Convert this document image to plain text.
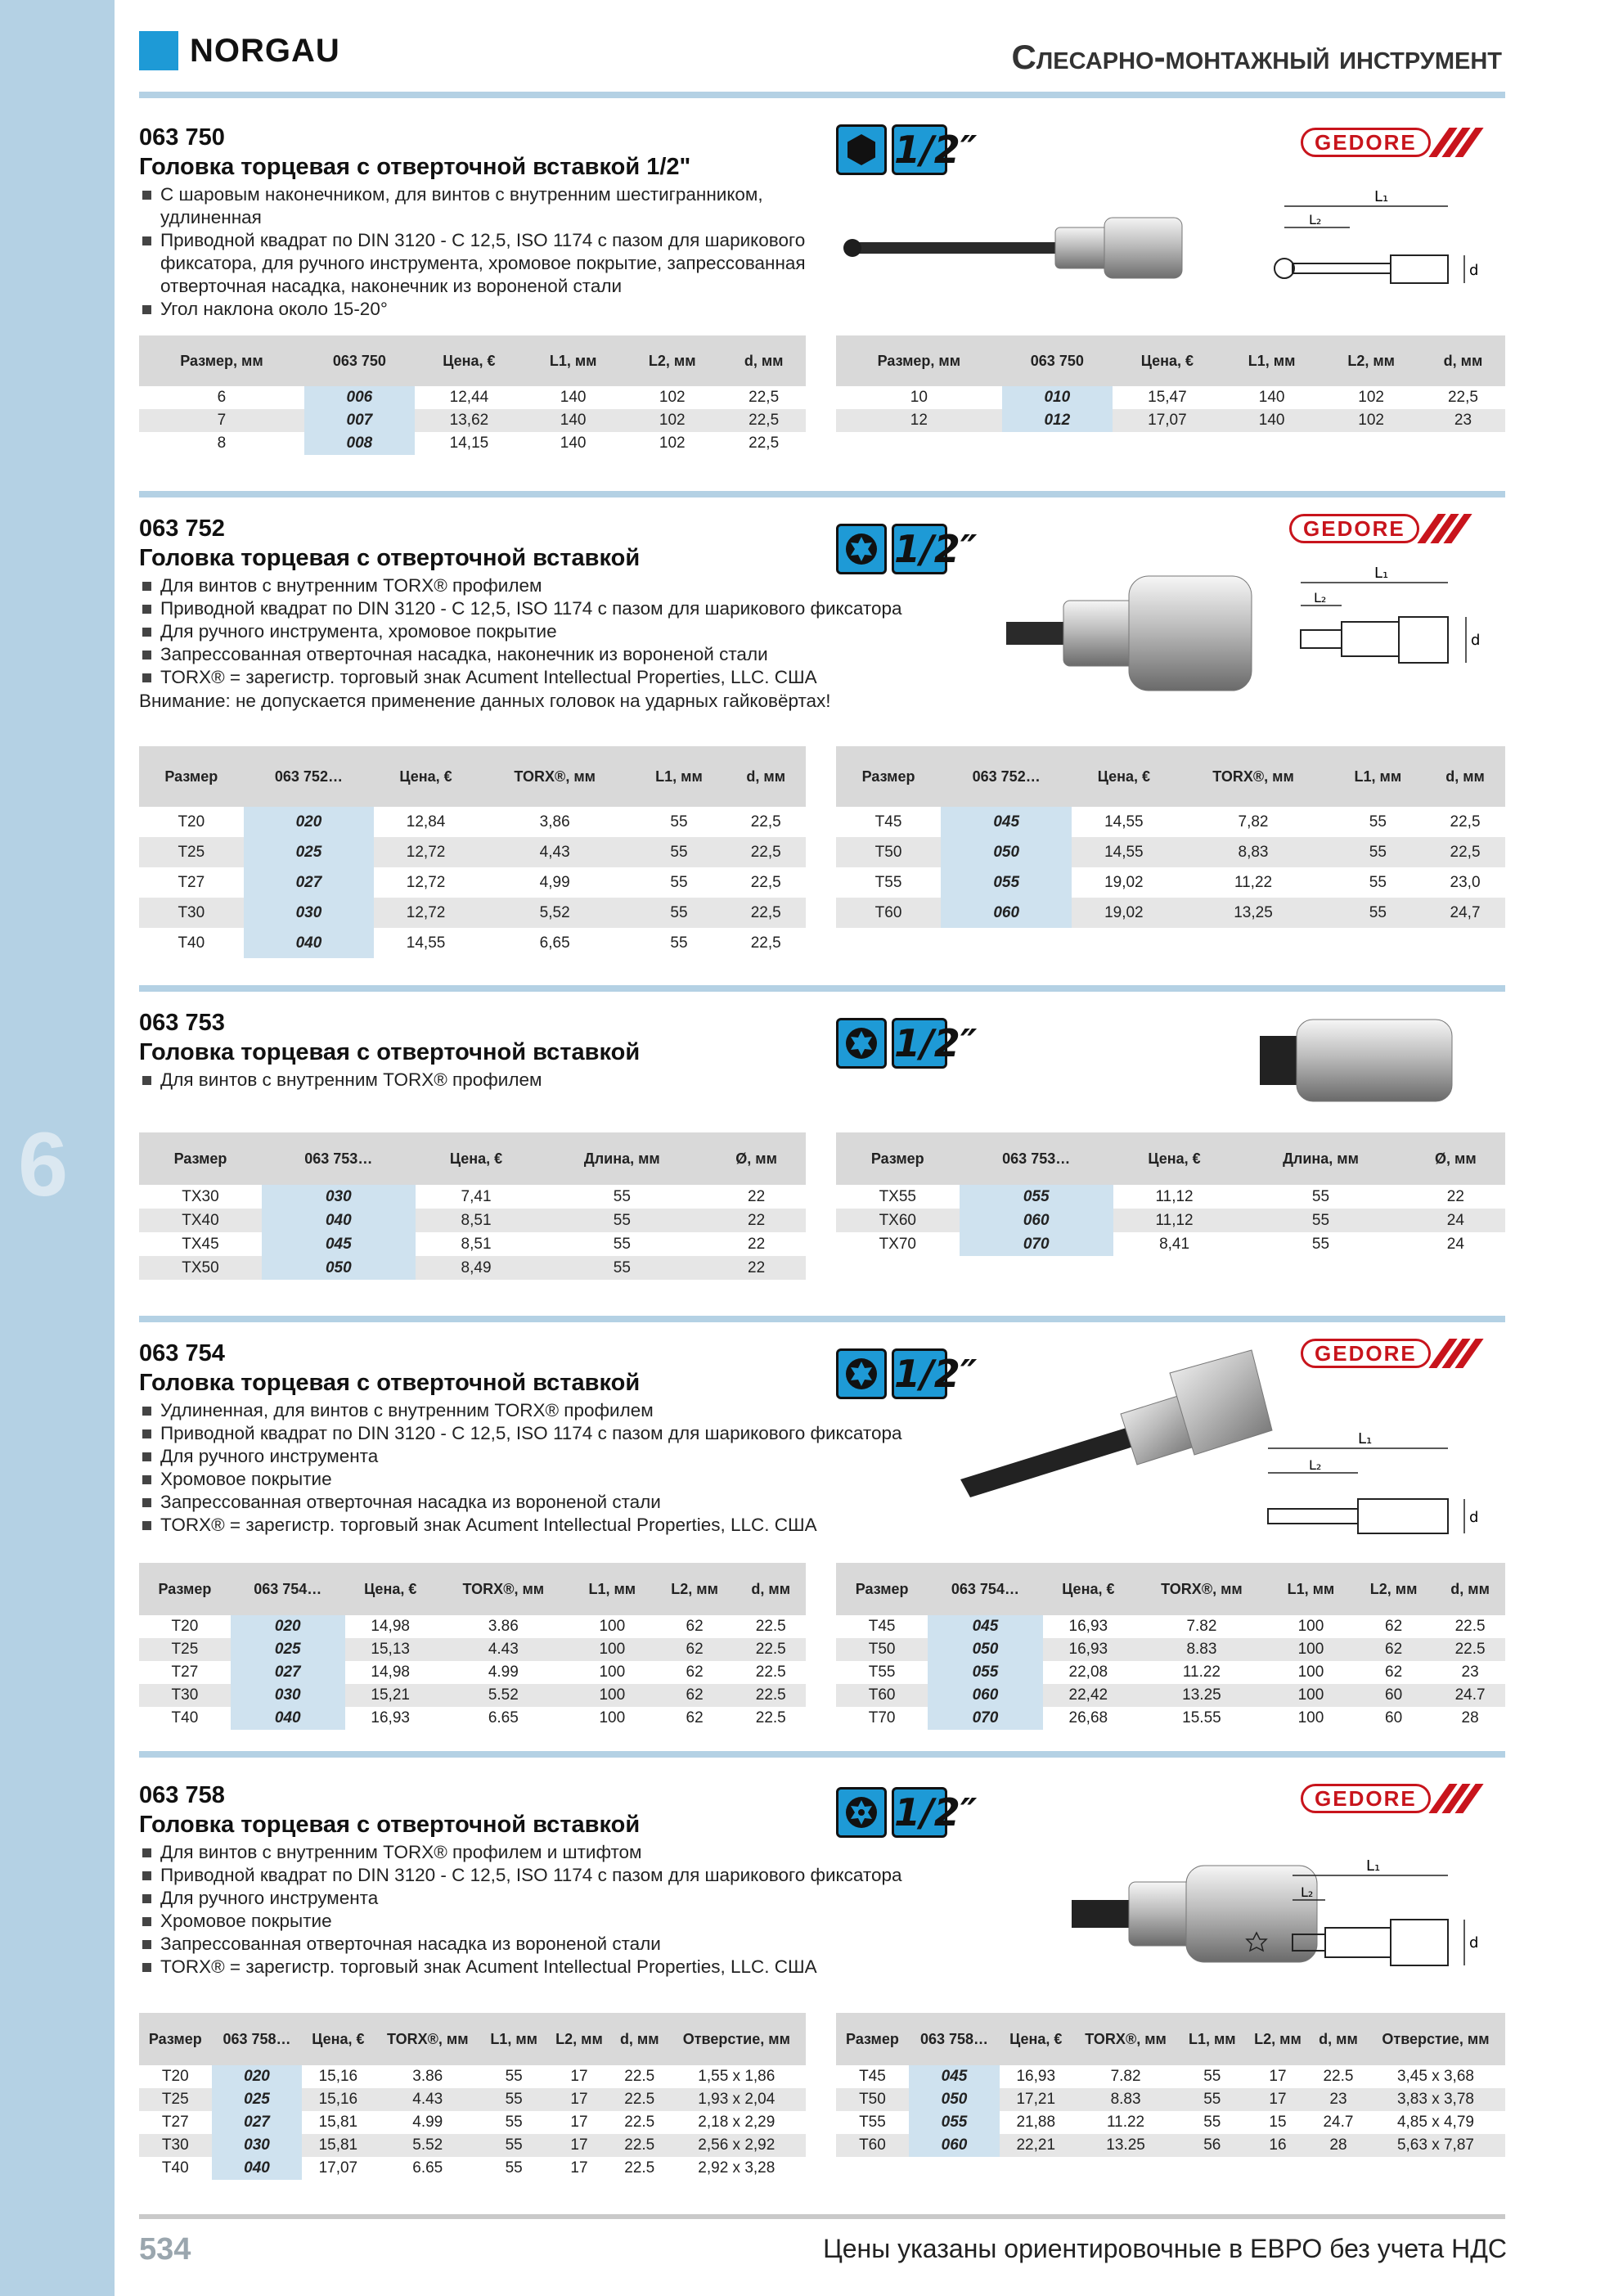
6
NORGAU	Слесарно-монтажный инструмент
063 750
Головка торцевая с отверточной вставкой 1/2"
С шаровым наконечником, для винтов с внутренним шестигранником, удлиненная
Приводной квадрат по DIN 3120 - C 12,5, ISO 1174 с пазом для шарикового фиксатора, для ручного инструмента, хромовое покрытие, запрессованная отверточная насадка, наконечник из вороненой стали
Угол наклона около 15-20°
1/2″	GEDORE
L₁
L₂
d
Размер, мм	063 750	Цена, €	L1, мм	L2, мм	d, мм
6	006	12,44	140	102	22,5
7	007	13,62	140	102	22,5
8	008	14,15	140	102	22,5
Размер, мм	063 750	Цена, €	L1, мм	L2, мм	d, мм
10	010	15,47	140	102	22,5
12	012	17,07	140	102	23
063 752
Головка торцевая с отверточной вставкой
Для винтов с внутренним TORX® профилем
Приводной квадрат по DIN 3120 - C 12,5, ISO 1174 с пазом для шарикового фиксатора
Для ручного инструмента, хромовое покрытие
Запрессованная отверточная насадка, наконечник из вороненой стали
TORX® = зарегистр. торговый знак Acument Intellectual Properties, LLC. США
Внимание: не допускается применение данных головок на ударных гайковёртах!
1/2″	GEDORE
L₁
L₂
d
Размер	063 752…	Цена, €	TORX®, мм	L1, мм	d, мм
T20	020	12,84	3,86	55	22,5
T25	025	12,72	4,43	55	22,5
T27	027	12,72	4,99	55	22,5
T30	030	12,72	5,52	55	22,5
T40	040	14,55	6,65	55	22,5
Размер	063 752…	Цена, €	TORX®, мм	L1, мм	d, мм
T45	045	14,55	7,82	55	22,5
T50	050	14,55	8,83	55	22,5
T55	055	19,02	11,22	55	23,0
T60	060	19,02	13,25	55	24,7
063 753
Головка торцевая с отверточной вставкой
Для винтов с внутренним TORX® профилем
1/2″
Размер	063 753…	Цена, €	Длина, мм	Ø, мм
TX30	030	7,41	55	22
TX40	040	8,51	55	22
TX45	045	8,51	55	22
TX50	050	8,49	55	22
Размер	063 753…	Цена, €	Длина, мм	Ø, мм
TX55	055	11,12	55	22
TX60	060	11,12	55	24
TX70	070	8,41	55	24
063 754
Головка торцевая с отверточной вставкой
Удлиненная, для винтов с внутренним TORX® профилем
Приводной квадрат по DIN 3120 - C 12,5, ISO 1174 с пазом для шарикового фиксатора
Для ручного инструмента
Хромовое покрытие
Запрессованная отверточная насадка из вороненой стали
TORX® = зарегистр. торговый знак Acument Intellectual Properties, LLC. США
1/2″	GEDORE
L₁
L₂
d
Размер	063 754…	Цена, €	TORX®, мм	L1, мм	L2, мм	d, мм
T20	020	14,98	3.86	100	62	22.5
T25	025	15,13	4.43	100	62	22.5
T27	027	14,98	4.99	100	62	22.5
T30	030	15,21	5.52	100	62	22.5
T40	040	16,93	6.65	100	62	22.5
Размер	063 754…	Цена, €	TORX®, мм	L1, мм	L2, мм	d, мм
T45	045	16,93	7.82	100	62	22.5
T50	050	16,93	8.83	100	62	22.5
T55	055	22,08	11.22	100	62	23
T60	060	22,42	13.25	100	60	24.7
T70	070	26,68	15.55	100	60	28
063 758
Головка торцевая с отверточной вставкой
Для винтов с внутренним TORX® профилем и штифтом
Приводной квадрат по DIN 3120 - C 12,5, ISO 1174 с пазом для шарикового фиксатора
Для ручного инструмента
Хромовое покрытие
Запрессованная отверточная насадка из вороненой стали
TORX® = зарегистр. торговый знак Acument Intellectual Properties, LLC. США
1/2″	GEDORE
L₁
L₂
d
Размер	063 758…	Цена, €	TORX®, мм	L1, мм	L2, мм	d, мм	Отверстие, мм
T20	020	15,16	3.86	55	17	22.5	1,55 x 1,86
T25	025	15,16	4.43	55	17	22.5	1,93 x 2,04
T27	027	15,81	4.99	55	17	22.5	2,18 x 2,29
T30	030	15,81	5.52	55	17	22.5	2,56 x 2,92
T40	040	17,07	6.65	55	17	22.5	2,92 x 3,28
Размер	063 758…	Цена, €	TORX®, мм	L1, мм	L2, мм	d, мм	Отверстие, мм
T45	045	16,93	7.82	55	17	22.5	3,45 x 3,68
T50	050	17,21	8.83	55	17	23	3,83 x 3,78
T55	055	21,88	11.22	55	15	24.7	4,85 x 4,79
T60	060	22,21	13.25	56	16	28	5,63 x 7,87
534	Цены указаны ориентировочные в ЕВРО без учета НДС
